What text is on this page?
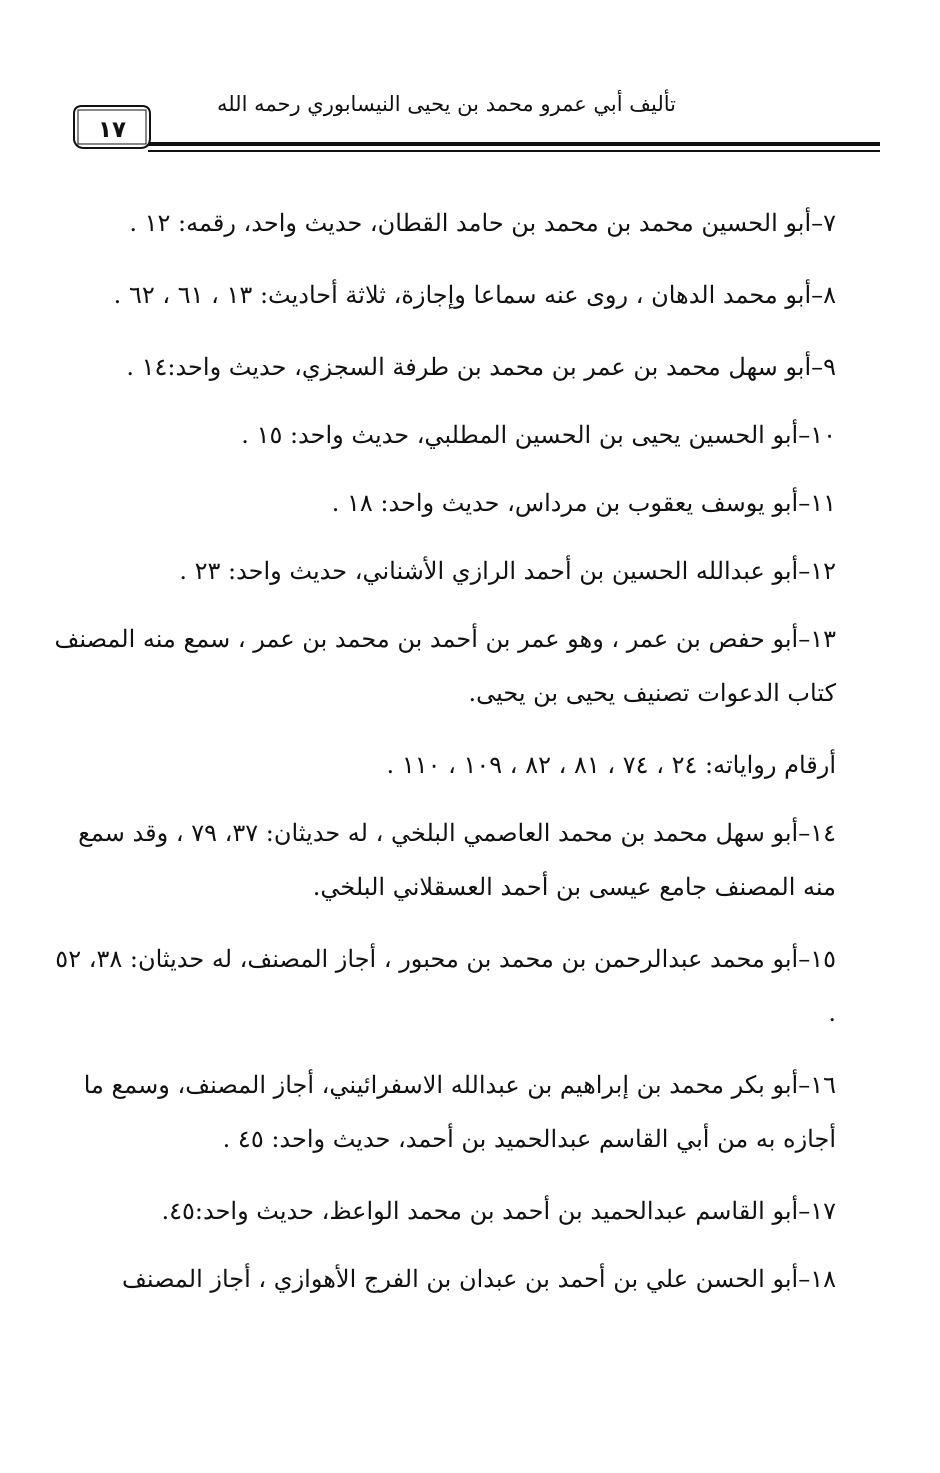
تأليف أبي عمرو محمد بن يحيى النيسابوري رحمه الله
١٧

٧–أبو الحسين محمد بن محمد بن حامد القطان، حديث واحد، رقمه: ١٢ .

٨–أبو محمد الدهان ، روى عنه سماعا وإجازة، ثلاثة أحاديث: ١٣ ، ٦١ ، ٦٢ .

٩–أبو سهل محمد بن عمر بن محمد بن طرفة السجزي، حديث واحد:١٤ .

١٠–أبو الحسين يحيى بن الحسين المطلبي، حديث واحد: ١٥ .

١١–أبو يوسف يعقوب بن مرداس، حديث واحد: ١٨ .

١٢–أبو عبدالله الحسين بن أحمد الرازي الأشناني، حديث واحد: ٢٣ .

١٣–أبو حفص بن عمر ، وهو عمر بن أحمد بن محمد بن عمر ، سمع منه المصنف كتاب الدعوات تصنيف يحيى بن يحيى.

أرقام رواياته: ٢٤ ، ٧٤ ، ٨١ ، ٨٢ ، ١٠٩ ، ١١٠ .

١٤–أبو سهل محمد بن محمد العاصمي البلخي ، له حديثان: ٣٧، ٧٩ ، وقد سمع منه المصنف جامع عيسى بن أحمد العسقلاني البلخي.

١٥–أبو محمد عبدالرحمن بن محمد بن محبور ، أجاز المصنف، له حديثان: ٣٨، ٥٢ .

١٦–أبو بكر محمد بن إبراهيم بن عبدالله الاسفرائيني، أجاز المصنف، وسمع ما أجازه به من أبي القاسم عبدالحميد بن أحمد، حديث واحد: ٤٥ .

١٧–أبو القاسم عبدالحميد بن أحمد بن محمد الواعظ، حديث واحد:٤٥.

١٨–أبو الحسن علي بن أحمد بن عبدان بن الفرج الأهوازي ، أجاز المصنف
